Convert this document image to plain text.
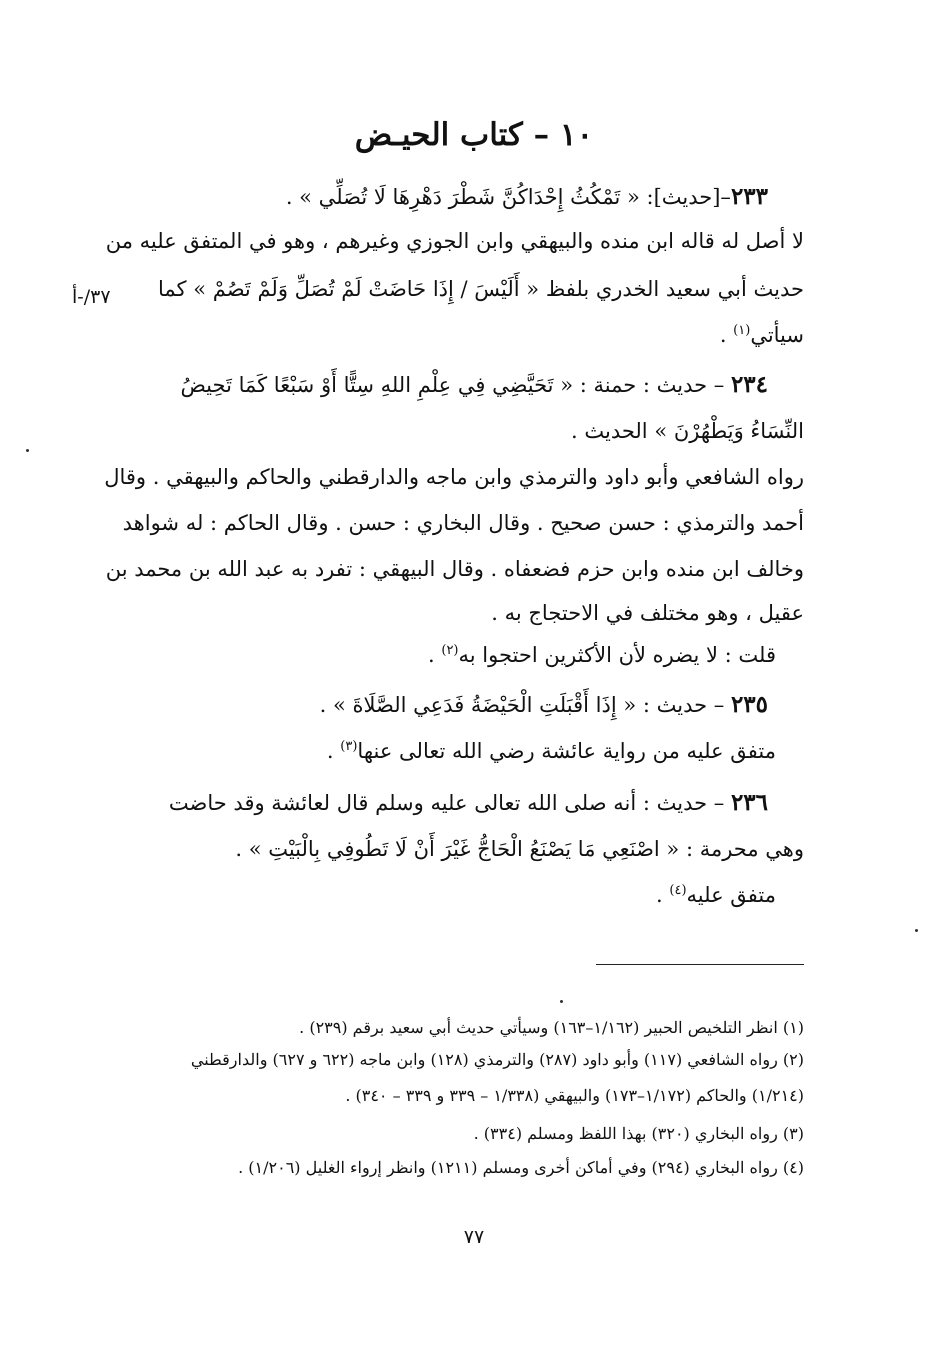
١٠ – كتاب الحيـض
٢٣٣–[حديث]: « تَمْكُثُ إِحْدَاكُنَّ شَطْرَ دَهْرِهَا لَا تُصَلِّي » .
لا أصل له قاله ابن منده والبيهقي وابن الجوزي وغيرهم ، وهو في المتفق عليه من
حديث أبي سعيد الخدري بلفظ « أَلَيْسَ / إِذَا حَاضَتْ لَمْ تُصَلِّ وَلَمْ تَصُمْ » كما
سيأتي$^{(١)}$ .
٣٧/-أ
٢٣٤ – حديث : حمنة : « تَحَيَّضِي فِي عِلْمِ اللهِ سِتًّا أَوْ سَبْعًا كَمَا تَحِيضُ
النِّسَاءُ وَيَطْهُرْنَ » الحديث .
رواه الشافعي وأبو داود والترمذي وابن ماجه والدارقطني والحاكم والبيهقي . وقال
أحمد والترمذي : حسن صحيح . وقال البخاري : حسن . وقال الحاكم : له شواهد
وخالف ابن منده وابن حزم فضعفاه . وقال البيهقي : تفرد به عبد الله بن محمد بن
عقيل ، وهو مختلف في الاحتجاج به .
قلت : لا يضره لأن الأكثرين احتجوا به$^{(٢)}$ .
٢٣٥ – حديث : « إِذَا أَقْبَلَتِ الْحَيْضَةُ فَدَعِي الصَّلَاةَ » .
متفق عليه من رواية عائشة رضي الله تعالى عنها$^{(٣)}$ .
٢٣٦ – حديث : أنه صلى الله تعالى عليه وسلم قال لعائشة وقد حاضت
وهي محرمة : « اصْنَعِي مَا يَصْنَعُ الْحَاجُّ غَيْرَ أَنْ لَا تَطُوفِي بِالْبَيْتِ » .
متفق عليه$^{(٤)}$ .
(١) انظر التلخيص الحبير (١/١٦٢–١٦٣) وسيأتي حديث أبي سعيد برقم (٢٣٩) .
(٢) رواه الشافعي (١١٧) وأبو داود (٢٨٧) والترمذي (١٢٨) وابن ماجه (٦٢٢ و ٦٢٧) والدارقطني
(١/٢١٤) والحاكم (١/١٧٢–١٧٣) والبيهقي (١/٣٣٨ – ٣٣٩ و ٣٣٩ – ٣٤٠) .
(٣) رواه البخاري (٣٢٠) بهذا اللفظ ومسلم (٣٣٤) .
(٤) رواه البخاري (٢٩٤) وفي أماكن أخرى ومسلم (١٢١١) وانظر إرواء الغليل (١/٢٠٦) .
٧٧
